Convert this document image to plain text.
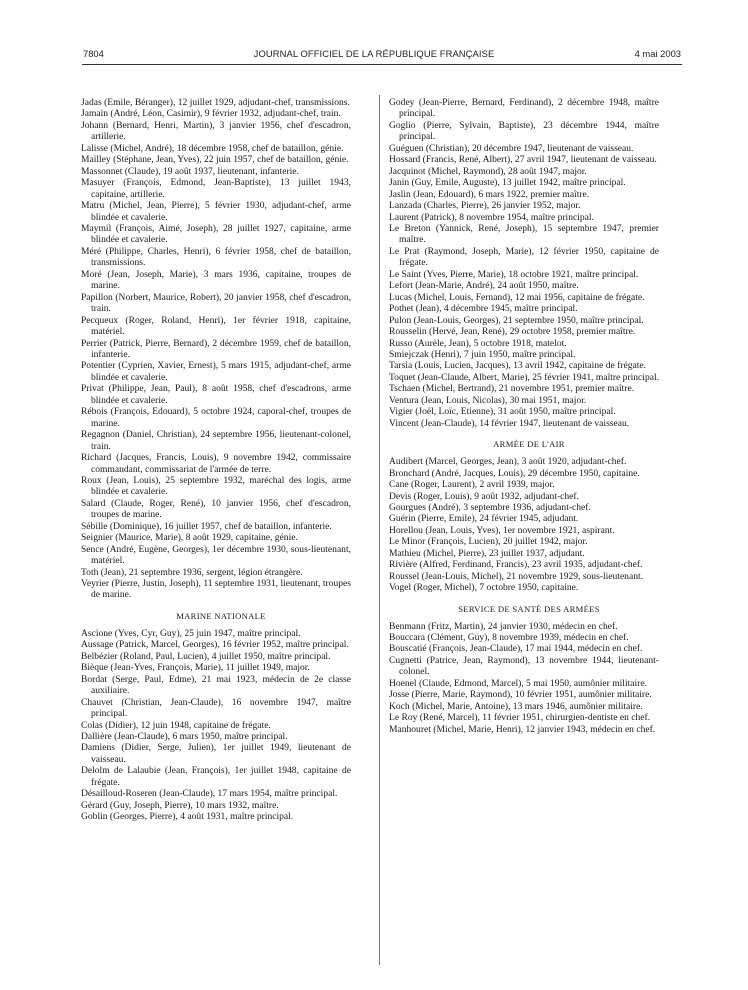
7804	JOURNAL OFFICIEL DE LA RÉPUBLIQUE FRANÇAISE	4 mai 2003

Jadas (Emile, Béranger), 12 juillet 1929, adjudant-chef, transmissions.

Jamain (André, Léon, Casimir), 9 février 1932, adjudant-chef, train.

Johann (Bernard, Henri, Martin), 3 janvier 1956, chef d'escadron, artillerie.

Lalisse (Michel, André), 18 décembre 1958, chef de bataillon, génie.

Mailley (Stéphane, Jean, Yves), 22 juin 1957, chef de bataillon, génie.

Massonnet (Claude), 19 août 1937, lieutenant, infanterie.

Masuyer (François, Edmond, Jean-Baptiste), 13 juillet 1943, capitaine, artillerie.

Matru (Michel, Jean, Pierre), 5 février 1930, adjudant-chef, arme blindée et cavalerie.

Maymil (François, Aimé, Joseph), 28 juillet 1927, capitaine, arme blindée et cavalerie.

Méré (Philippe, Charles, Henri), 6 février 1958, chef de bataillon, transmissions.

Moré (Jean, Joseph, Marie), 3 mars 1936, capitaine, troupes de marine.

Papillon (Norbert, Maurice, Robert), 20 janvier 1958, chef d'escadron, train.

Pecqueux (Roger, Roland, Henri), 1er février 1918, capitaine, matériel.

Perrier (Patrick, Pierre, Bernard), 2 décembre 1959, chef de bataillon, infanterie.

Potentier (Cyprien, Xavier, Ernest), 5 mars 1915, adjudant-chef, arme blindée et cavalerie.

Privat (Philippe, Jean, Paul), 8 août 1958, chef d'escadrons, arme blindée et cavalerie.

Rébois (François, Edouard), 5 octobre 1924, caporal-chef, troupes de marine.

Regagnon (Daniel, Christian), 24 septembre 1956, lieutenant-colonel, train.

Richard (Jacques, Francis, Louis), 9 novembre 1942, commissaire commandant, commissariat de l'armée de terre.

Roux (Jean, Louis), 25 septembre 1932, maréchal des logis, arme blindée et cavalerie.

Salard (Claude, Roger, René), 10 janvier 1956, chef d'escadron, troupes de marine.

Sébille (Dominique), 16 juillet 1957, chef de bataillon, infanterie.

Seignier (Maurice, Marie), 8 août 1929, capitaine, génie.

Sence (André, Eugène, Georges), 1er décembre 1930, sous-lieutenant, matériel.

Toth (Jean), 21 septembre 1936, sergent, légion étrangère.

Veyrier (Pierre, Justin, Joseph), 11 septembre 1931, lieutenant, troupes de marine.

MARINE NATIONALE

Ascione (Yves, Cyr, Guy), 25 juin 1947, maître principal.

Aussage (Patrick, Marcel, Georges), 16 février 1952, maître principal.

Belbézier (Roland, Paul, Lucien), 4 juillet 1950, maître principal.

Bièque (Jean-Yves, François, Marie), 11 juillet 1949, major.

Bordat (Serge, Paul, Edme), 21 mai 1923, médecin de 2e classe auxiliaire.

Chauvet (Christian, Jean-Claude), 16 novembre 1947, maître principal.

Colas (Didier), 12 juin 1948, capitaine de frégate.

Dallière (Jean-Claude), 6 mars 1950, maître principal.

Damiens (Didier, Serge, Julien), 1er juillet 1949, lieutenant de vaisseau.

Delolm de Lalaubie (Jean, François), 1er juillet 1948, capitaine de frégate.

Désailloud-Roseren (Jean-Claude), 17 mars 1954, maître principal.

Gérard (Guy, Joseph, Pierre), 10 mars 1932, maître.

Goblin (Georges, Pierre), 4 août 1931, maître principal.

Godey (Jean-Pierre, Bernard, Ferdinand), 2 décembre 1948, maître principal.

Goglio (Pierre, Sylvain, Baptiste), 23 décembre 1944, maître principal.

Guéguen (Christian), 20 décembre 1947, lieutenant de vaisseau.

Hossard (Francis, René, Albert), 27 avril 1947, lieutenant de vaisseau.

Jacquinot (Michel, Raymond), 28 août 1947, major.

Janin (Guy, Emile, Auguste), 13 juillet 1942, maître principal.

Jaslin (Jean, Edouard), 6 mars 1922, premier maître.

Lanzada (Charles, Pierre), 26 janvier 1952, major.

Laurent (Patrick), 8 novembre 1954, maître principal.

Le Breton (Yannick, René, Joseph), 15 septembre 1947, premier maître.

Le Prat (Raymond, Joseph, Marie), 12 février 1950, capitaine de frégate.

Le Saint (Yves, Pierre, Marie), 18 octobre 1921, maître principal.

Lefort (Jean-Marie, André), 24 août 1950, maître.

Lucas (Michel, Louis, Fernand), 12 mai 1956, capitaine de frégate.

Pothet (Jean), 4 décembre 1945, maître principal.

Pulon (Jean-Louis, Georges), 21 septembre 1950, maître principal.

Rousselin (Hervé, Jean, René), 29 octobre 1958, premier maître.

Russo (Aurèle, Jean), 5 octobre 1918, matelot.

Smiejczak (Henri), 7 juin 1950, maître principal.

Tarsia (Louis, Lucien, Jacques), 13 avril 1942, capitaine de frégate.

Toquet (Jean-Claude, Albert, Marie), 25 février 1941, maître principal.

Tschaen (Michel, Bertrand), 21 novembre 1951, premier maître.

Ventura (Jean, Louis, Nicolas), 30 mai 1951, major.

Vigier (Joël, Loïc, Etienne), 31 août 1950, maître principal.

Vincent (Jean-Claude), 14 février 1947, lieutenant de vaisseau.

ARMÉE DE L'AIR

Audibert (Marcel, Georges, Jean), 3 août 1920, adjudant-chef.

Bronchard (André, Jacques, Louis), 29 décembre 1950, capitaine.

Cane (Roger, Laurent), 2 avril 1939, major.

Devis (Roger, Louis), 9 août 1932, adjudant-chef.

Gourgues (André), 3 septembre 1936, adjudant-chef.

Guérin (Pierre, Emile), 24 février 1945, adjudant.

Horellou (Jean, Louis, Yves), 1er novembre 1921, aspirant.

Le Minor (François, Lucien), 20 juillet 1942, major.

Mathieu (Michel, Pierre), 23 juillet 1937, adjudant.

Rivière (Alfred, Ferdinand, Francis), 23 avril 1935, adjudant-chef.

Roussel (Jean-Louis, Michel), 21 novembre 1929, sous-lieutenant.

Vogel (Roger, Michel), 7 octobre 1950, capitaine.

SERVICE DE SANTÉ DES ARMÉES

Benmann (Fritz, Martin), 24 janvier 1930, médecin en chef.

Bouccara (Clément, Guy), 8 novembre 1939, médecin en chef.

Bouscatié (François, Jean-Claude), 17 mai 1944, médecin en chef.

Cugnetti (Patrice, Jean, Raymond), 13 novembre 1944, lieutenant-colonel.

Hoenel (Claude, Edmond, Marcel), 5 mai 1950, aumônier militaire.

Josse (Pierre, Marie, Raymond), 10 février 1951, aumônier militaire.

Koch (Michel, Marie, Antoine), 13 mars 1946, aumônier militaire.

Le Roy (René, Marcel), 11 février 1951, chirurgien-dentiste en chef.

Manhouret (Michel, Marie, Henri), 12 janvier 1943, médecin en chef.
